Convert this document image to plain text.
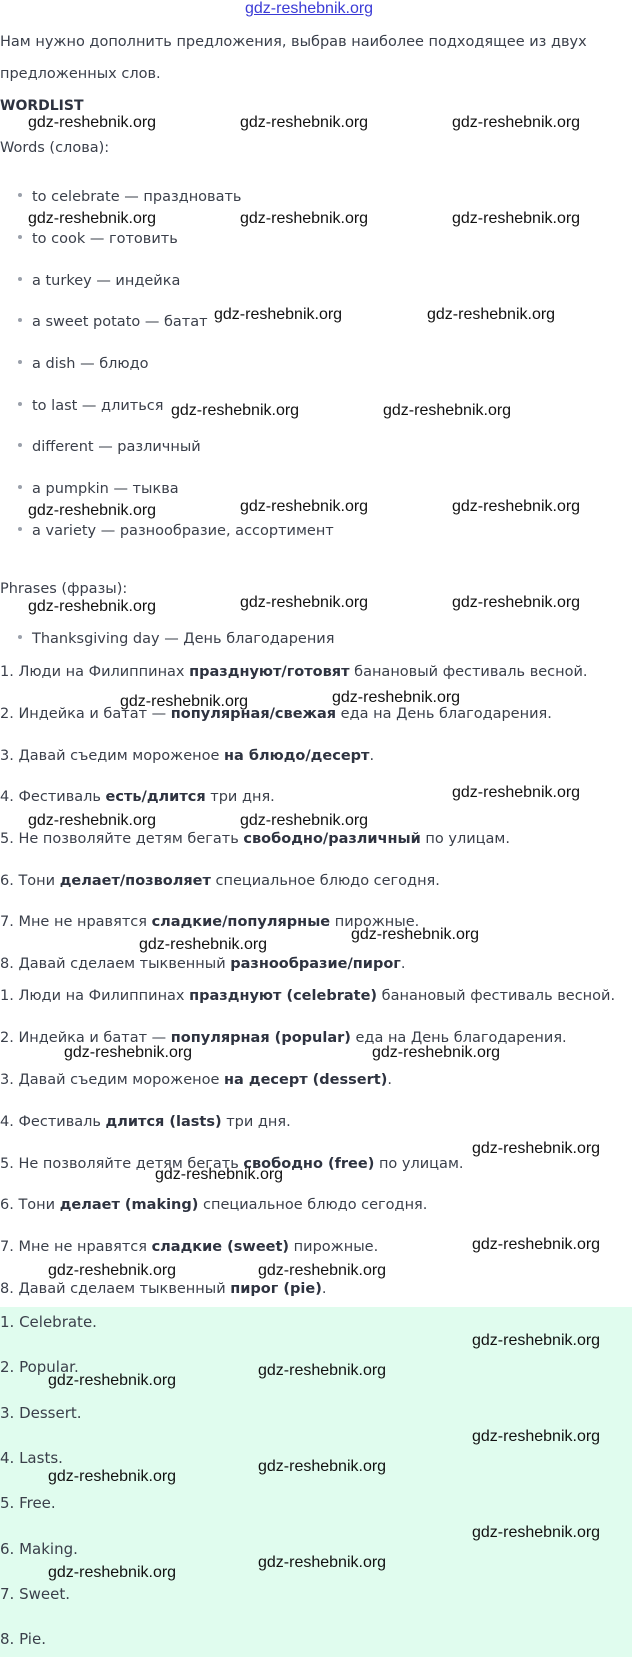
gdz-reshebnik.org
Нам нужно дополнить предложения, выбрав наиболее подходящее из двух
предложенных слов.
WORDLIST
Words (слова):
to celebrate — праздновать
to cook — готовить
a turkey — индейка
a sweet potato — батат
a dish — блюдо
to last — длиться
different — различный
a pumpkin — тыква
a variety — разнообразие, ассортимент
Phrases (фразы):
Thanksgiving day — День благодарения
1. Люди на Филиппинах празднуют/готовят банановый фестиваль весной.
2. Индейка и батат — популярная/свежая еда на День благодарения.
3. Давай съедим мороженое на блюдо/десерт.
4. Фестиваль есть/длится три дня.
5. Не позволяйте детям бегать свободно/различный по улицам.
6. Тони делает/позволяет специальное блюдо сегодня.
7. Мне не нравятся сладкие/популярные пирожные.
8. Давай сделаем тыквенный разнообразие/пирог.
1. Люди на Филиппинах празднуют (celebrate) банановый фестиваль весной.
2. Индейка и батат — популярная (popular) еда на День благодарения.
3. Давай съедим мороженое на десерт (dessert).
4. Фестиваль длится (lasts) три дня.
5. Не позволяйте детям бегать свободно (free) по улицам.
6. Тони делает (making) специальное блюдо сегодня.
7. Мне не нравятся сладкие (sweet) пирожные.
8. Давай сделаем тыквенный пирог (pie).
1. Celebrate.
2. Popular.
3. Dessert.
4. Lasts.
5. Free.
6. Making.
7. Sweet.
8. Pie.
gdz-reshebnik.org	gdz-reshebnik.org	gdz-reshebnik.org
gdz-reshebnik.org	gdz-reshebnik.org	gdz-reshebnik.org
gdz-reshebnik.org	gdz-reshebnik.org
gdz-reshebnik.org	gdz-reshebnik.org
gdz-reshebnik.org	gdz-reshebnik.org	gdz-reshebnik.org
gdz-reshebnik.org	gdz-reshebnik.org	gdz-reshebnik.org
gdz-reshebnik.org	gdz-reshebnik.org
gdz-reshebnik.org
gdz-reshebnik.org	gdz-reshebnik.org
gdz-reshebnik.org
gdz-reshebnik.org
gdz-reshebnik.org	gdz-reshebnik.org
gdz-reshebnik.org
gdz-reshebnik.org
gdz-reshebnik.org
gdz-reshebnik.org	gdz-reshebnik.org
gdz-reshebnik.org
gdz-reshebnik.org
gdz-reshebnik.org
gdz-reshebnik.org
gdz-reshebnik.org
gdz-reshebnik.org
gdz-reshebnik.org
gdz-reshebnik.org
gdz-reshebnik.org
